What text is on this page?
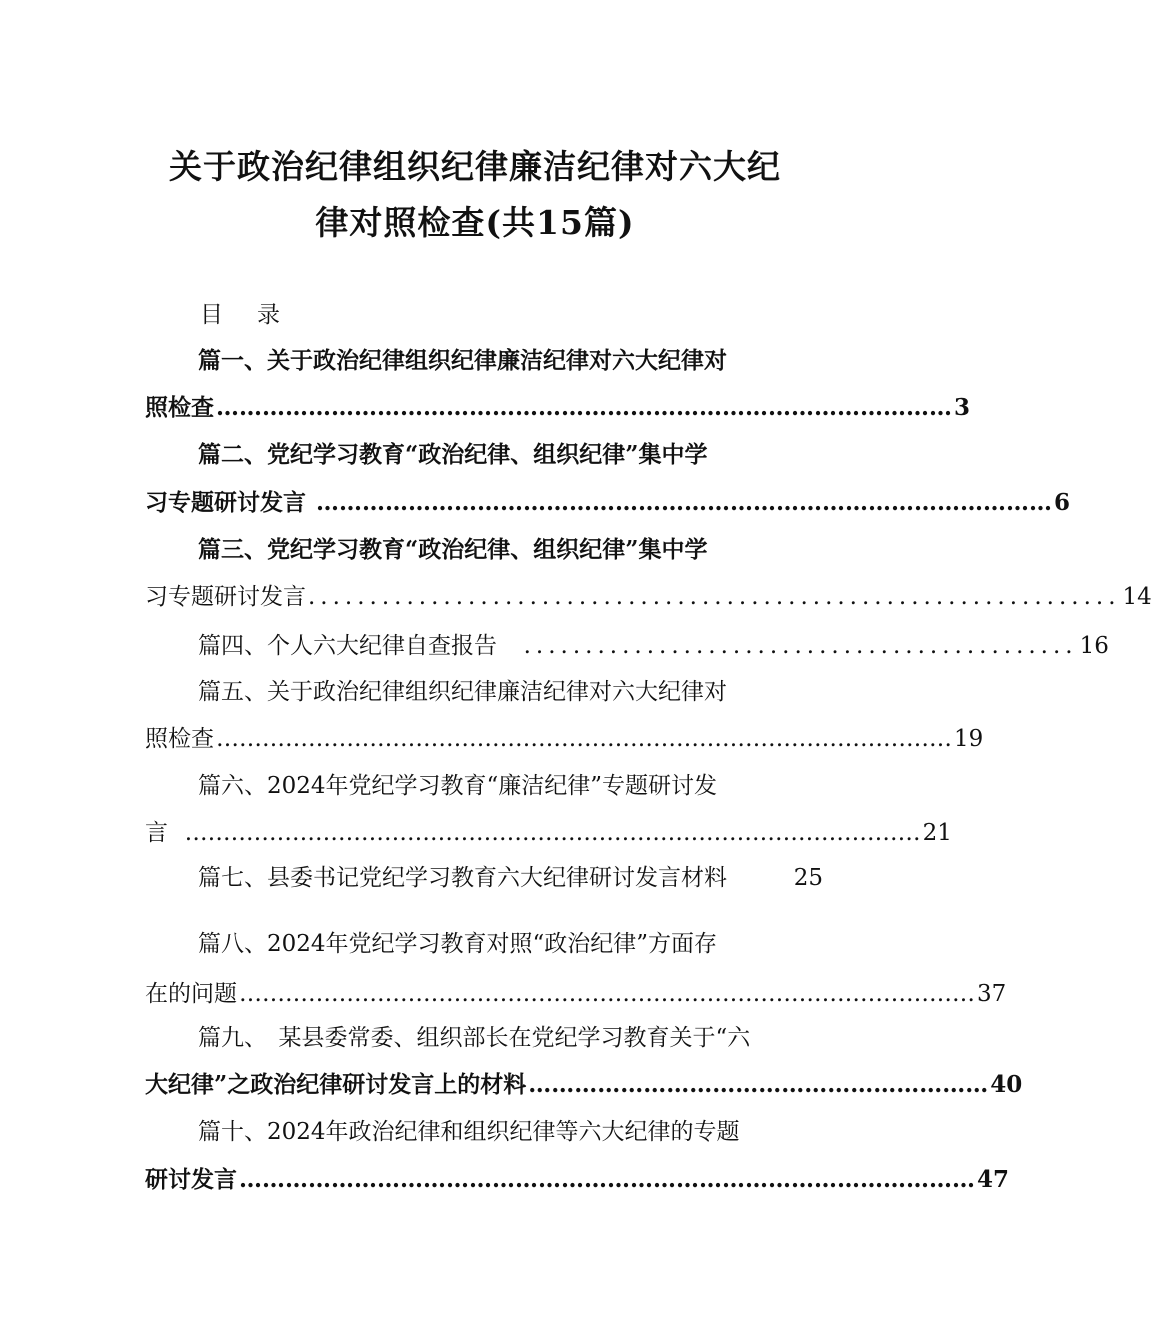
关于政治纪律组织纪律廉洁纪律对六大纪
律对照检查(共15篇)
目 录
篇一、关于政治纪律组织纪律廉洁纪律对六大纪律对
照检查 …………………………………………………………………………………… 3
篇二、党纪学习教育“政治纪律、组织纪律”集中学
习专题研讨发言 …………………………………………………………………………………… 6
篇三、党纪学习教育“政治纪律、组织纪律”集中学
习专题研讨发言 .................................................................. 14
篇四、个人六大纪律自查报告 ............................................. 16
篇五、关于政治纪律组织纪律廉洁纪律对六大纪律对
照检查 …………………………………………………………………………………… 19
篇六、2024年党纪学习教育“廉洁纪律”专题研讨发
言 …………………………………………………………………………………… 21
篇七、县委书记党纪学习教育六大纪律研讨发言材料	25
篇八、2024年党纪学习教育对照“政治纪律”方面存
在的问题 …………………………………………………………………………………… 37
篇九、　某县委常委、组织部长在党纪学习教育关于“六
大纪律”之政治纪律研讨发言上的材料 …………………………………………………… 40
篇十、2024年政治纪律和组织纪律等六大纪律的专题
研讨发言 …………………………………………………………………………………… 47
